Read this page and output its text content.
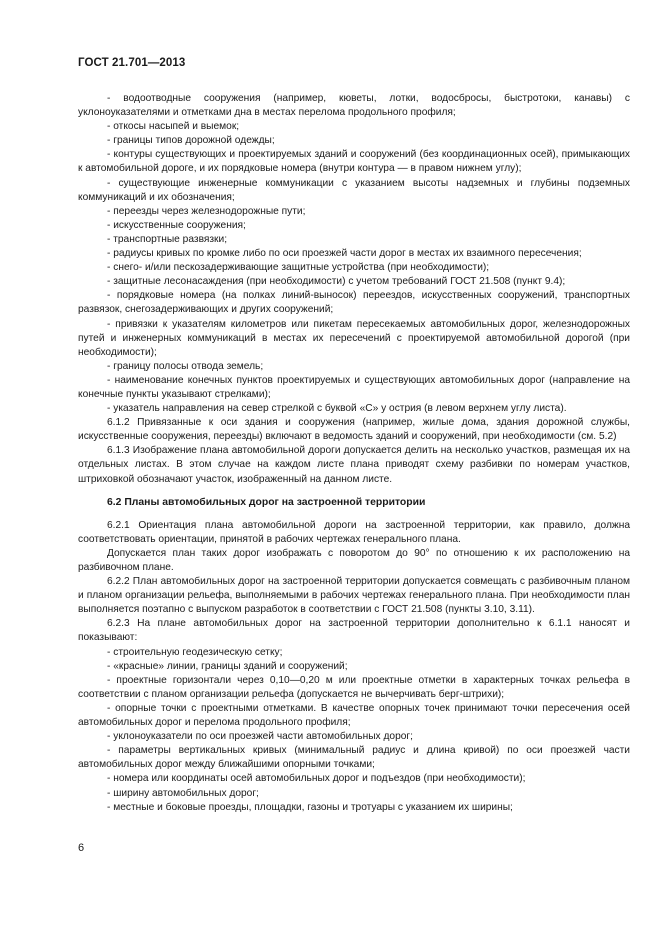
ГОСТ 21.701—2013

- водоотводные сооружения (например, кюветы, лотки, водосбросы, быстротоки, канавы) с уклоноуказателями и отметками дна в местах перелома продольного профиля;

- откосы насыпей и выемок;

- границы типов дорожной одежды;

- контуры существующих и проектируемых зданий и сооружений (без координационных осей), примыкающих к автомобильной дороге, и их порядковые номера (внутри контура — в правом нижнем углу);

- существующие инженерные коммуникации с указанием высоты надземных и глубины подземных коммуникаций и их обозначения;

- переезды через железнодорожные пути;

- искусственные сооружения;

- транспортные развязки;

- радиусы кривых по кромке либо по оси проезжей части дорог в местах их взаимного пересечения;

- снего- и/или пескозадерживающие защитные устройства (при необходимости);

- защитные лесонасаждения (при необходимости) с учетом требований ГОСТ 21.508 (пункт 9.4);

- порядковые номера (на полках линий-выносок) переездов, искусственных сооружений, транспортных развязок, снегозадерживающих и других сооружений;

- привязки к указателям километров или пикетам пересекаемых автомобильных дорог, железнодорожных путей и инженерных коммуникаций в местах их пересечений с проектируемой автомобильной дорогой (при необходимости);

- границу полосы отвода земель;

- наименование конечных пунктов проектируемых и существующих автомобильных дорог (направление на конечные пункты указывают стрелками);

- указатель направления на север стрелкой с буквой «С» у острия (в левом верхнем углу листа).

6.1.2 Привязанные к оси здания и сооружения (например, жилые дома, здания дорожной службы, искусственные сооружения, переезды) включают в ведомость зданий и сооружений, при необходимости (см. 5.2)

6.1.3 Изображение плана автомобильной дороги допускается делить на несколько участков, размещая их на отдельных листах. В этом случае на каждом листе плана приводят схему разбивки по номерам участков, штриховкой обозначают участок, изображенный на данном листе.

6.2 Планы автомобильных дорог на застроенной территории

6.2.1 Ориентация плана автомобильной дороги на застроенной территории, как правило, должна соответствовать ориентации, принятой в рабочих чертежах генерального плана.

Допускается план таких дорог изображать с поворотом до 90° по отношению к их расположению на разбивочном плане.

6.2.2 План автомобильных дорог на застроенной территории допускается совмещать с разбивочным планом и планом организации рельефа, выполняемыми в рабочих чертежах генерального плана. При необходимости план выполняется поэтапно с выпуском разработок в соответствии с ГОСТ 21.508 (пункты 3.10, 3.11).

6.2.3 На плане автомобильных дорог на застроенной территории дополнительно к 6.1.1 наносят и показывают:

- строительную геодезическую сетку;

- «красные» линии, границы зданий и сооружений;

- проектные горизонтали через 0,10—0,20 м или проектные отметки в характерных точках рельефа в соответствии с планом организации рельефа (допускается не вычерчивать берг-штрихи);

- опорные точки с проектными отметками. В качестве опорных точек принимают точки пересечения осей автомобильных дорог и перелома продольного профиля;

- уклоноуказатели по оси проезжей части автомобильных дорог;

- параметры вертикальных кривых (минимальный радиус и длина кривой) по оси проезжей части автомобильных дорог между ближайшими опорными точками;

- номера или координаты осей автомобильных дорог и подъездов (при необходимости);

- ширину автомобильных дорог;

- местные и боковые проезды, площадки, газоны и тротуары с указанием их ширины;

6
